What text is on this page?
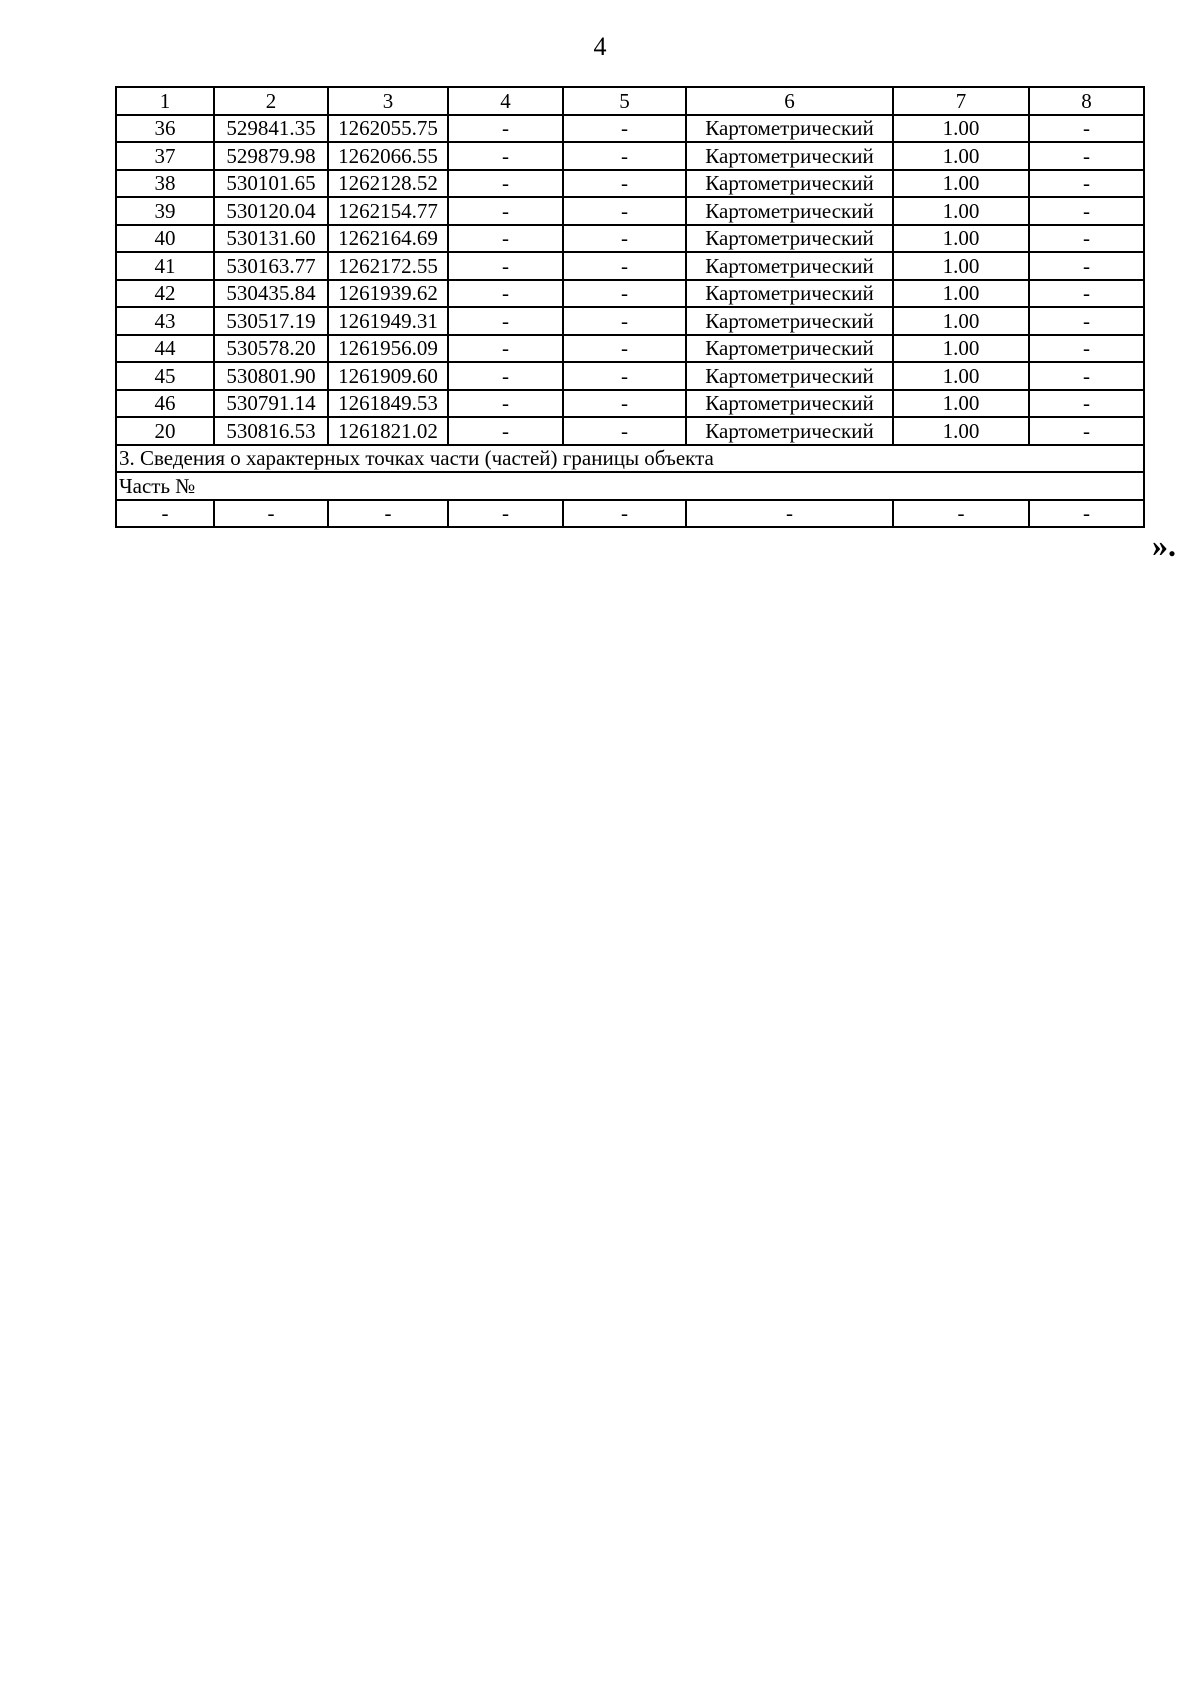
4
1	2	3	4	5	6	7	8
36	529841.35	1262055.75	-	-	Картометрический	1.00	-
37	529879.98	1262066.55	-	-	Картометрический	1.00	-
38	530101.65	1262128.52	-	-	Картометрический	1.00	-
39	530120.04	1262154.77	-	-	Картометрический	1.00	-
40	530131.60	1262164.69	-	-	Картометрический	1.00	-
41	530163.77	1262172.55	-	-	Картометрический	1.00	-
42	530435.84	1261939.62	-	-	Картометрический	1.00	-
43	530517.19	1261949.31	-	-	Картометрический	1.00	-
44	530578.20	1261956.09	-	-	Картометрический	1.00	-
45	530801.90	1261909.60	-	-	Картометрический	1.00	-
46	530791.14	1261849.53	-	-	Картометрический	1.00	-
20	530816.53	1261821.02	-	-	Картометрический	1.00	-
3. Сведения о характерных точках части (частей) границы объекта							
Часть №							
-	-	-	-	-	-	-	-
».
